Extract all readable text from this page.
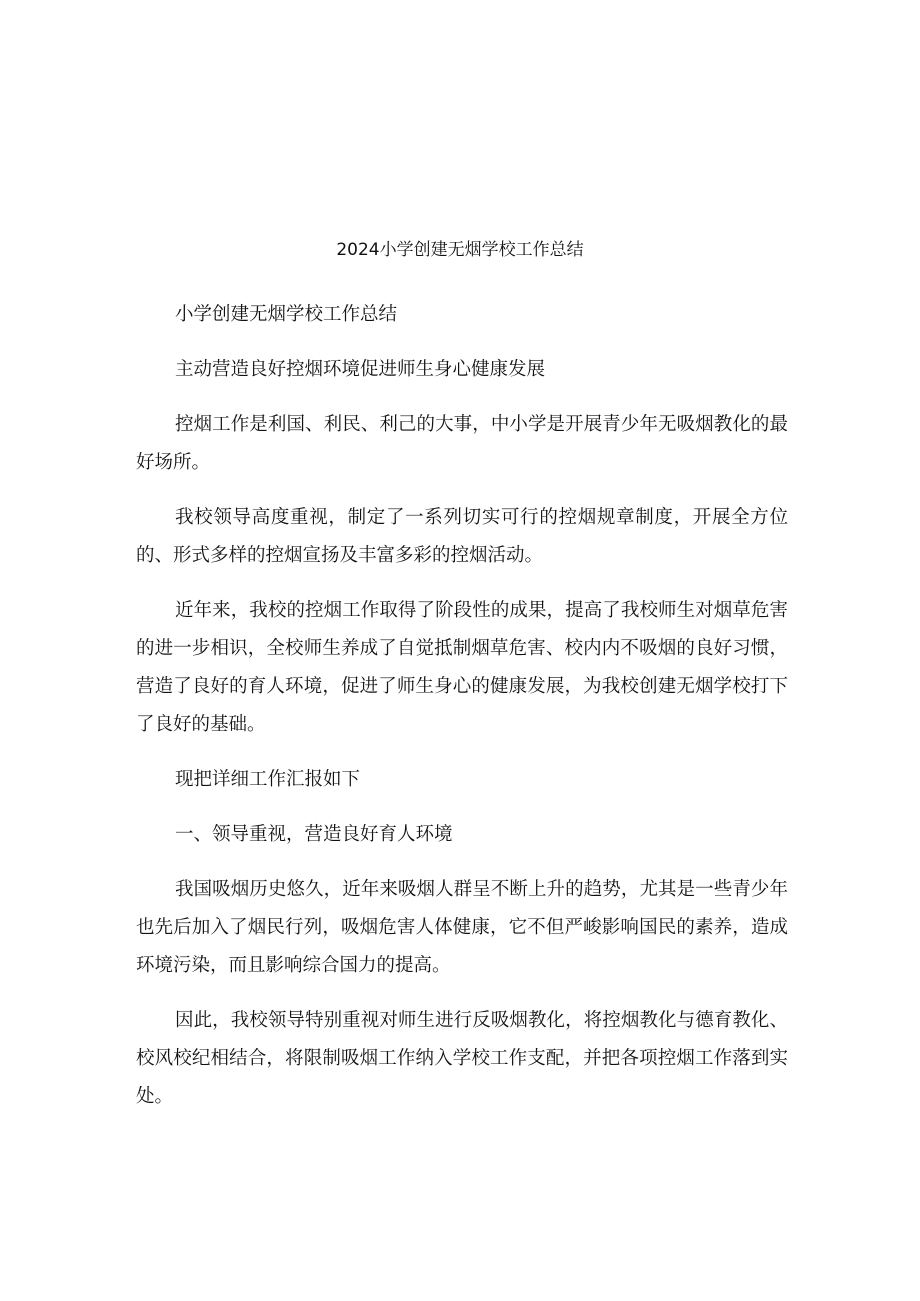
2024小学创建无烟学校工作总结

小学创建无烟学校工作总结

主动营造良好控烟环境促进师生身心健康发展

控烟工作是利国、利民、利己的大事，中小学是开展青少年无吸烟教化的最好场所。

我校领导高度重视，制定了一系列切实可行的控烟规章制度，开展全方位的、形式多样的控烟宣扬及丰富多彩的控烟活动。

近年来，我校的控烟工作取得了阶段性的成果，提高了我校师生对烟草危害的进一步相识，全校师生养成了自觉抵制烟草危害、校内内不吸烟的良好习惯，营造了良好的育人环境，促进了师生身心的健康发展，为我校创建无烟学校打下了良好的基础。

现把详细工作汇报如下

一、领导重视，营造良好育人环境

我国吸烟历史悠久，近年来吸烟人群呈不断上升的趋势，尤其是一些青少年也先后加入了烟民行列，吸烟危害人体健康，它不但严峻影响国民的素养，造成环境污染，而且影响综合国力的提高。

因此，我校领导特别重视对师生进行反吸烟教化，将控烟教化与德育教化、校风校纪相结合，将限制吸烟工作纳入学校工作支配，并把各项控烟工作落到实处。
